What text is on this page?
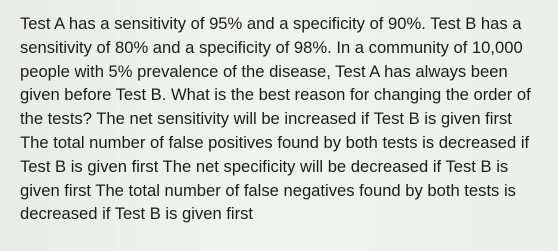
Test A has a sensitivity of 95% and a specificity of 90%. Test B has a sensitivity of 80% and a specificity of 98%. In a community of 10,000 people with 5% prevalence of the disease, Test A has always been given before Test B. What is the best reason for changing the order of the tests? The net sensitivity will be increased if Test B is given first The total number of false positives found by both tests is decreased if Test B is given first The net specificity will be decreased if Test B is given first The total number of false negatives found by both tests is decreased if Test B is given first
